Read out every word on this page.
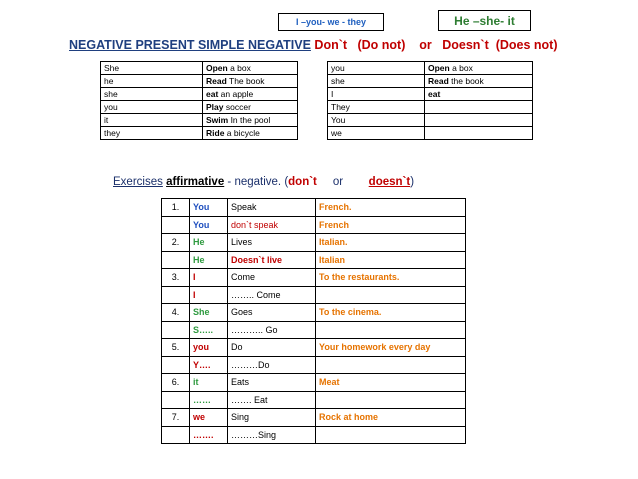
I –you- we - they	He –she- it
NEGATIVE PRESENT SIMPLE NEGATIVE Don`t (Do not) or Doesn`t (Does not)
She	Open a box
he	Read The book
she	eat an apple
you	Play soccer
it	Swim In the pool
they	Ride a bicycle
you	Open a box
she	Read the book
I	eat
They	
You	
we	
Exercises affirmative - negative. (don`t or doesn`t)
1.	You	Speak	French.
	You	don`t speak	French
2.	He	Lives	Italian.
	He	Doesn`t live	Italian
3.	I	Come	To the restaurants.
	I	…….. Come	
4.	She	Goes	To the cinema.
	S…..	……….. Go	
5.	you	Do	Your homework every day
	Y….	………Do	
6.	it	Eats	Meat
	……	……. Eat	
7.	we	Sing	Rock at home
	…….	………Sing	
